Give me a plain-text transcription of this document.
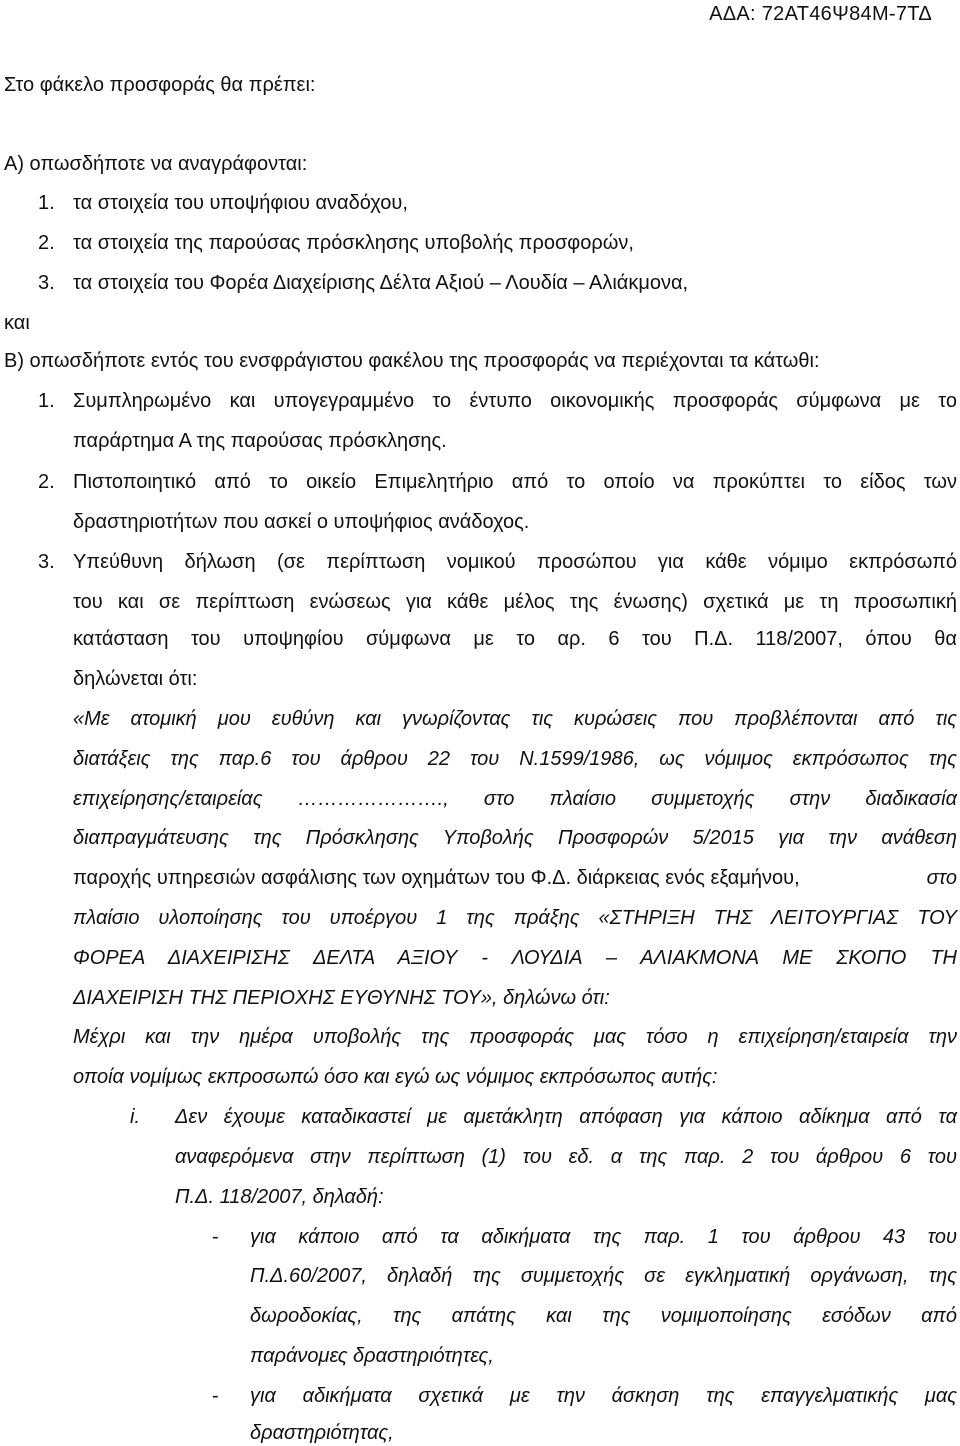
ΑΔΑ: 72ΑΤ46Ψ84Μ-7ΤΔ
Στο φάκελο προσφοράς θα πρέπει:
Α) οπωσδήποτε να αναγράφονται:
1. τα στοιχεία του υποψήφιου αναδόχου,
2. τα στοιχεία της παρούσας πρόσκλησης υποβολής προσφορών,
3. τα στοιχεία του Φορέα Διαχείρισης Δέλτα Αξιού – Λουδία – Αλιάκμονα,
και
Β) οπωσδήποτε εντός του ενσφράγιστου φακέλου της προσφοράς να περιέχονται τα κάτωθι:
1. Συμπληρωμένο και υπογεγραμμένο το έντυπο οικονομικής προσφοράς σύμφωνα με το
παράρτημα Α της παρούσας πρόσκλησης.
2. Πιστοποιητικό από το οικείο Επιμελητήριο από το οποίο να προκύπτει το είδος των
δραστηριοτήτων που ασκεί ο υποψήφιος ανάδοχος.
3. Υπεύθυνη δήλωση (σε περίπτωση νομικού προσώπου για κάθε νόμιμο εκπρόσωπό
του και σε περίπτωση ενώσεως για κάθε μέλος της ένωσης) σχετικά με τη προσωπική
κατάσταση του υποψηφίου σύμφωνα με το αρ. 6 του Π.Δ. 118/2007, όπου θα
δηλώνεται ότι:
«Με ατομική μου ευθύνη και γνωρίζοντας τις κυρώσεις που προβλέπονται από τις
διατάξεις της παρ.6 του άρθρου 22 του Ν.1599/1986, ως νόμιμος εκπρόσωπος της
επιχείρησης/εταιρείας …………………., στο πλαίσιο συμμετοχής στην διαδικασία
διαπραγμάτευσης της Πρόσκλησης Υποβολής Προσφορών 5/2015 για την ανάθεση
παροχής υπηρεσιών ασφάλισης των οχημάτων του Φ.Δ. διάρκειας ενός εξαμήνου,	στο
πλαίσιο υλοποίησης του υποέργου 1 της πράξης «ΣΤΗΡΙΞΗ ΤΗΣ ΛΕΙΤΟΥΡΓΙΑΣ ΤΟΥ
ΦΟΡΕΑ ΔΙΑΧΕΙΡΙΣΗΣ ΔΕΛΤΑ ΑΞΙΟΥ - ΛΟΥΔΙΑ – ΑΛΙΑΚΜΟΝΑ ΜΕ ΣΚΟΠΟ ΤΗ
ΔΙΑΧΕΙΡΙΣΗ ΤΗΣ ΠΕΡΙΟΧΗΣ ΕΥΘΥΝΗΣ ΤΟΥ», δηλώνω ότι:
Μέχρι και την ημέρα υποβολής της προσφοράς μας τόσο η επιχείρηση/εταιρεία την
οποία νομίμως εκπροσωπώ όσο και εγώ ως νόμιμος εκπρόσωπος αυτής:
i. Δεν έχουμε καταδικαστεί με αμετάκλητη απόφαση για κάποιο αδίκημα από τα
αναφερόμενα στην περίπτωση (1) του εδ. α της παρ. 2 του άρθρου 6 του
Π.Δ. 118/2007, δηλαδή:
- για κάποιο από τα αδικήματα της παρ. 1 του άρθρου 43 του
Π.Δ.60/2007, δηλαδή της συμμετοχής σε εγκληματική οργάνωση, της
δωροδοκίας, της απάτης και της νομιμοποίησης εσόδων από
παράνομες δραστηριότητες,
- για αδικήματα σχετικά με την άσκηση της επαγγελματικής μας
δραστηριότητας,
